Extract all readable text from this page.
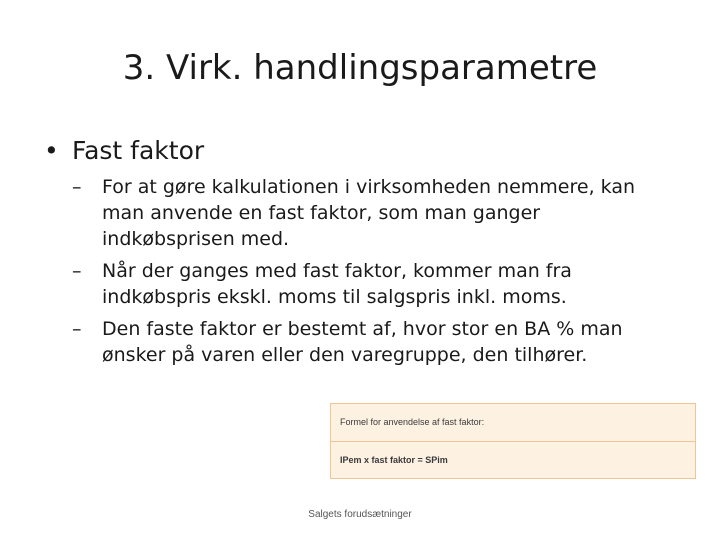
3. Virk. handlingsparametre
• Fast faktor
– For at gøre kalkulationen i virksomheden nemmere, kan man anvende en fast faktor, som man ganger indkøbsprisen med.
– Når der ganges med fast faktor, kommer man fra indkøbspris ekskl. moms til salgspris inkl. moms.
– Den faste faktor er bestemt af, hvor stor en BA % man ønsker på varen eller den varegruppe, den tilhører.
Formel for anvendelse af fast faktor:
IPem x fast faktor = SPim
Salgets forudsætninger
